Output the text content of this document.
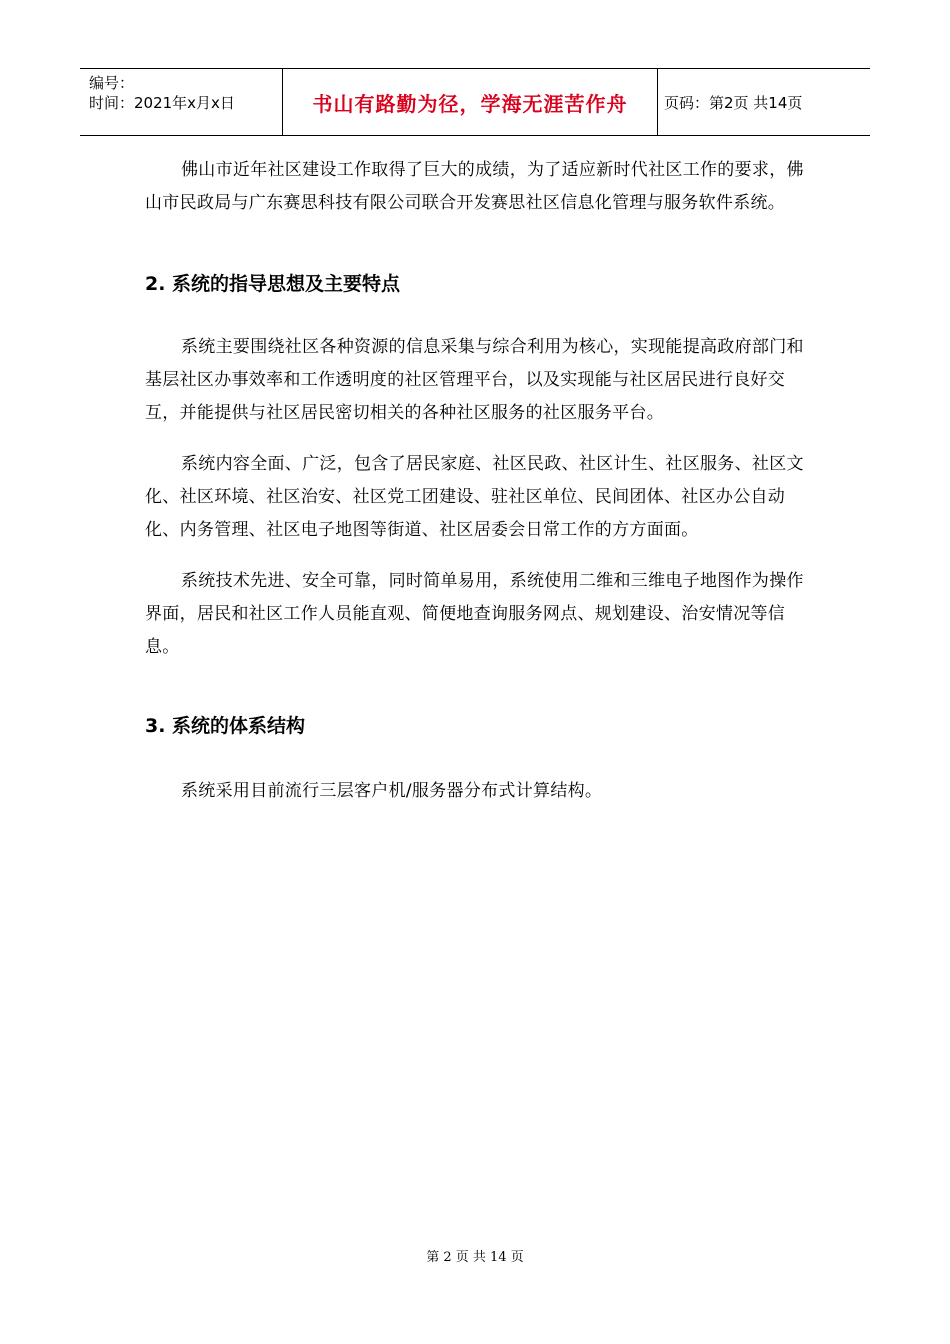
编号：
时间：2021年x月x日	书山有路勤为径，学海无涯苦作舟 页码：第2页 共14页

佛山市近年社区建设工作取得了巨大的成绩，为了适应新时代社区工作的要求，佛山市民政局与广东赛思科技有限公司联合开发赛思社区信息化管理与服务软件系统。

2. 系统的指导思想及主要特点

系统主要围绕社区各种资源的信息采集与综合利用为核心，实现能提高政府部门和基层社区办事效率和工作透明度的社区管理平台，以及实现能与社区居民进行良好交互，并能提供与社区居民密切相关的各种社区服务的社区服务平台。

系统内容全面、广泛，包含了居民家庭、社区民政、社区计生、社区服务、社区文化、社区环境、社区治安、社区党工团建设、驻社区单位、民间团体、社区办公自动化、内务管理、社区电子地图等街道、社区居委会日常工作的方方面面。

系统技术先进、安全可靠，同时简单易用，系统使用二维和三维电子地图作为操作界面，居民和社区工作人员能直观、简便地查询服务网点、规划建设、治安情况等信息。

3. 系统的体系结构

系统采用目前流行三层客户机/服务器分布式计算结构。

第 2 页 共 14 页
